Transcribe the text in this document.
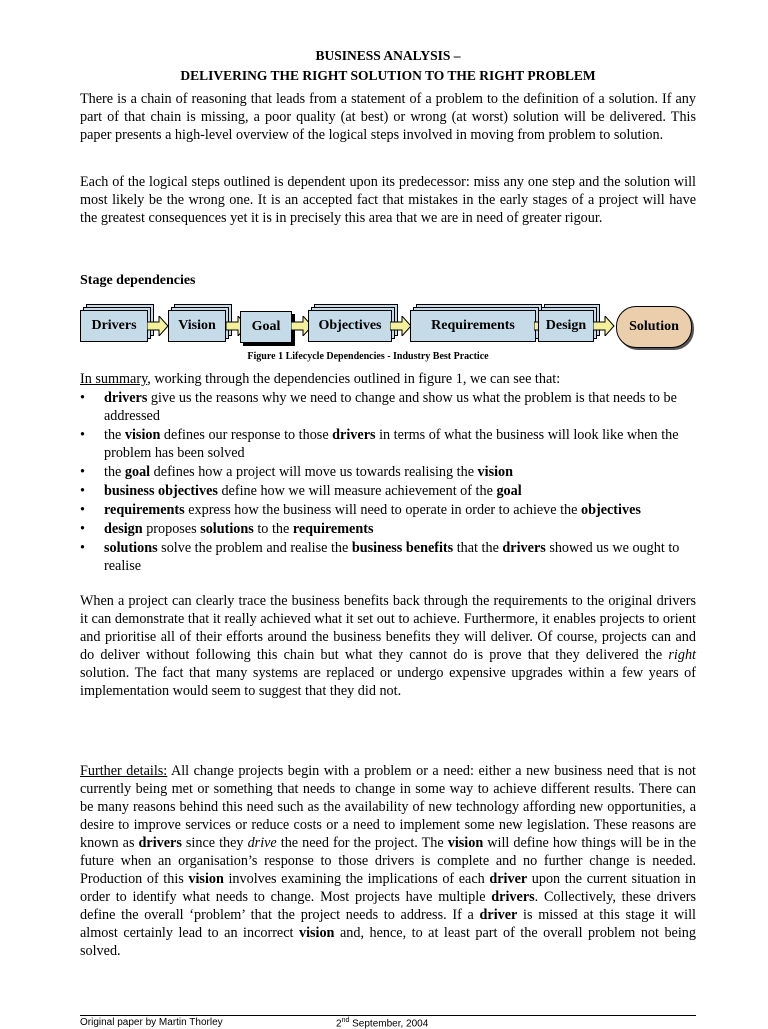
BUSINESS ANALYSIS –
DELIVERING THE RIGHT SOLUTION TO THE RIGHT PROBLEM

There is a chain of reasoning that leads from a statement of a problem to the definition of a solution. If any part of that chain is missing, a poor quality (at best) or wrong (at worst) solution will be delivered. This paper presents a high-level overview of the logical steps involved in moving from problem to solution.

Each of the logical steps outlined is dependent upon its predecessor: miss any one step and the solution will most likely be the wrong one. It is an accepted fact that mistakes in the early stages of a project will have the greatest consequences yet it is in precisely this area that we are in need of greater rigour.

Stage dependencies
Drivers	Vision	Goal	Objectives	Requirements	Design	Solution
Figure 1 Lifecycle Dependencies - Industry Best Practice
In summary, working through the dependencies outlined in figure 1, we can see that:
• drivers give us the reasons why we need to change and show us what the problem is that needs to be addressed
• the vision defines our response to those drivers in terms of what the business will look like when the problem has been solved
• the goal defines how a project will move us towards realising the vision
• business objectives define how we will measure achievement of the goal
• requirements express how the business will need to operate in order to achieve the objectives
• design proposes solutions to the requirements
• solutions solve the problem and realise the business benefits that the drivers showed us we ought to realise

When a project can clearly trace the business benefits back through the requirements to the original drivers it can demonstrate that it really achieved what it set out to achieve. Furthermore, it enables projects to orient and prioritise all of their efforts around the business benefits they will deliver. Of course, projects can and do deliver without following this chain but what they cannot do is prove that they delivered the right solution. The fact that many systems are replaced or undergo expensive upgrades within a few years of implementation would seem to suggest that they did not.

Further details: All change projects begin with a problem or a need: either a new business need that is not currently being met or something that needs to change in some way to achieve different results. There can be many reasons behind this need such as the availability of new technology affording new opportunities, a desire to improve services or reduce costs or a need to implement some new legislation. These reasons are known as drivers since they drive the need for the project. The vision will define how things will be in the future when an organisation’s response to those drivers is complete and no further change is needed. Production of this vision involves examining the implications of each driver upon the current situation in order to identify what needs to change. Most projects have multiple drivers. Collectively, these drivers define the overall ‘problem’ that the project needs to address. If a driver is missed at this stage it will almost certainly lead to an incorrect vision and, hence, to at least part of the overall problem not being solved.

Original paper by Martin Thorley	2nd September, 2004
